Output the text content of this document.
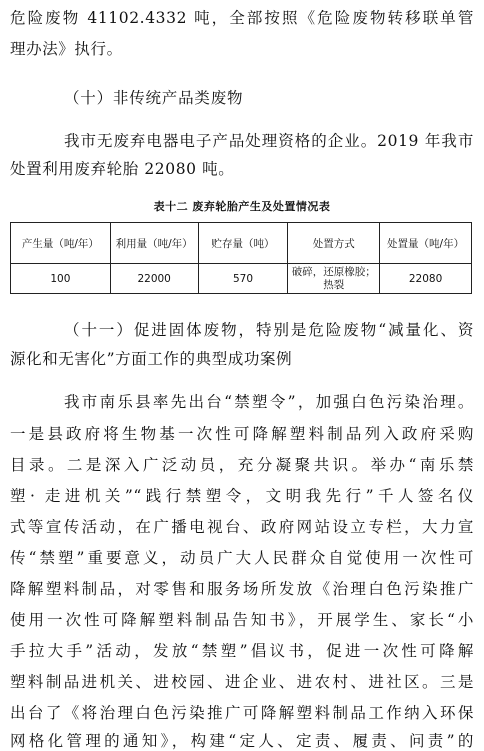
危险废物 41102.4332 吨，全部按照《危险废物转移联单管
理办法》执行。
（十）非传统产品类废物
我市无废弃电器电子产品处理资格的企业。2019 年我市
处置利用废弃轮胎 22080 吨。
表十二 废弃轮胎产生及处置情况表
产生量（吨/年）	利用量（吨/年）	贮存量（吨）	处置方式	处置量（吨/年）
100	22000	570	破碎，还原橡胶；热裂	22080
（十一）促进固体废物，特别是危险废物“减量化、资
源化和无害化”方面工作的典型成功案例
我市南乐县率先出台“禁塑令”，加强白色污染治理。
一是县政府将生物基一次性可降解塑料制品列入政府采购
目录。二是深入广泛动员，充分凝聚共识。举办“南乐禁
塑· 走进机关”“践行禁塑令，文明我先行”千人签名仪
式等宣传活动，在广播电视台、政府网站设立专栏，大力宣
传“禁塑”重要意义，动员广大人民群众自觉使用一次性可
降解塑料制品，对零售和服务场所发放《治理白色污染推广
使用一次性可降解塑料制品告知书》，开展学生、家长“小
手拉大手”活动，发放“禁塑”倡议书，促进一次性可降解
塑料制品进机关、进校园、进企业、进农村、进社区。三是
出台了《将治理白色污染推广可降解塑料制品工作纳入环保
网格化管理的通知》，构建“定人、定责、履责、问责”的
